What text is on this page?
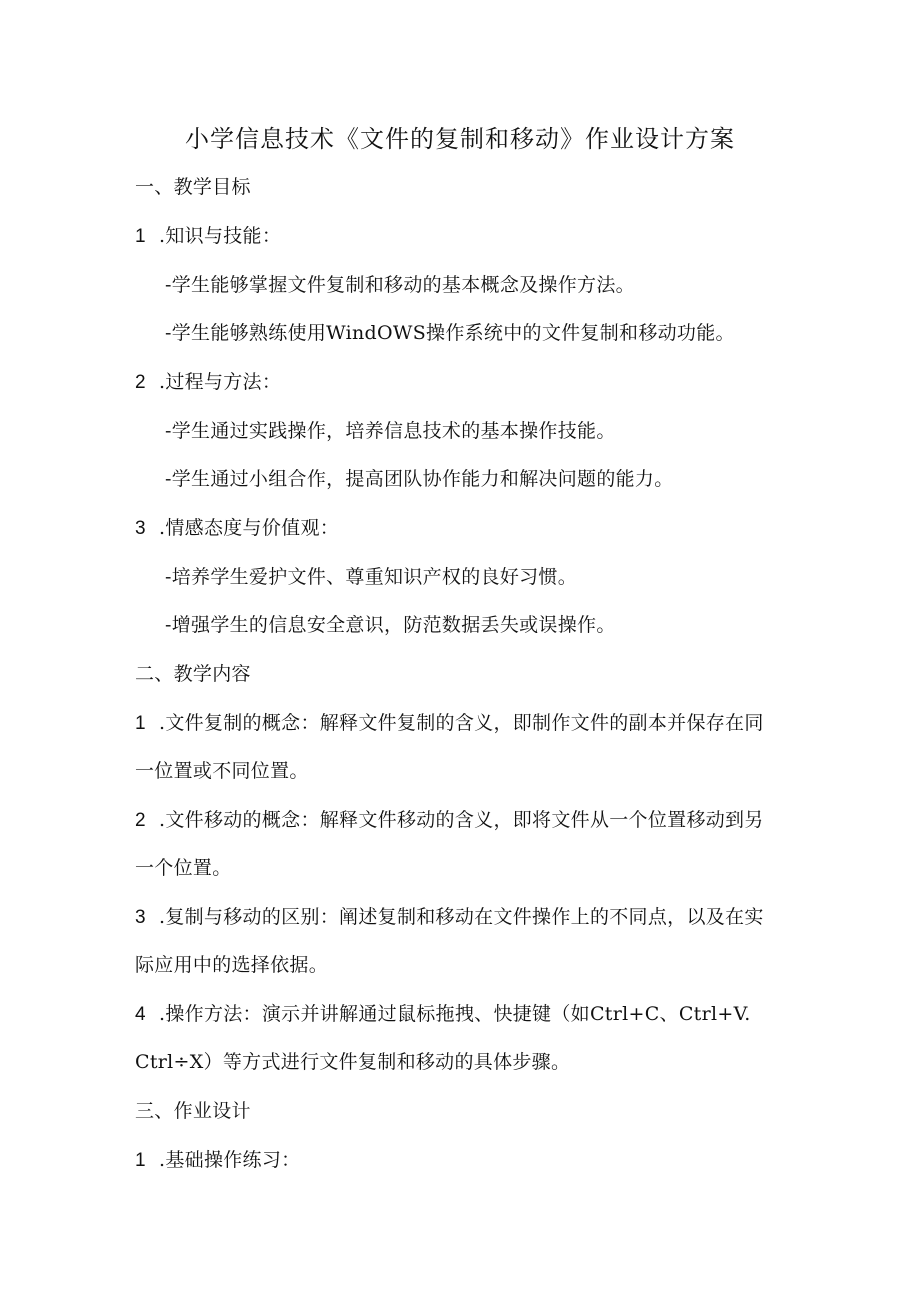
小学信息技术《文件的复制和移动》作业设计方案
一、教学目标
1 .知识与技能：
-学生能够掌握文件复制和移动的基本概念及操作方法。
-学生能够熟练使用WindOWS操作系统中的文件复制和移动功能。
2 .过程与方法：
-学生通过实践操作，培养信息技术的基本操作技能。
-学生通过小组合作，提高团队协作能力和解决问题的能力。
3 .情感态度与价值观：
-培养学生爱护文件、尊重知识产权的良好习惯。
-增强学生的信息安全意识，防范数据丢失或误操作。
二、教学内容
1 .文件复制的概念：解释文件复制的含义，即制作文件的副本并保存在同
一位置或不同位置。
2 .文件移动的概念：解释文件移动的含义，即将文件从一个位置移动到另
一个位置。
3 .复制与移动的区别：阐述复制和移动在文件操作上的不同点，以及在实
际应用中的选择依据。
4 .操作方法：演示并讲解通过鼠标拖拽、快捷键（如Ctrl+C、Ctrl+V.
Ctrl÷X）等方式进行文件复制和移动的具体步骤。
三、作业设计
1 .基础操作练习：
